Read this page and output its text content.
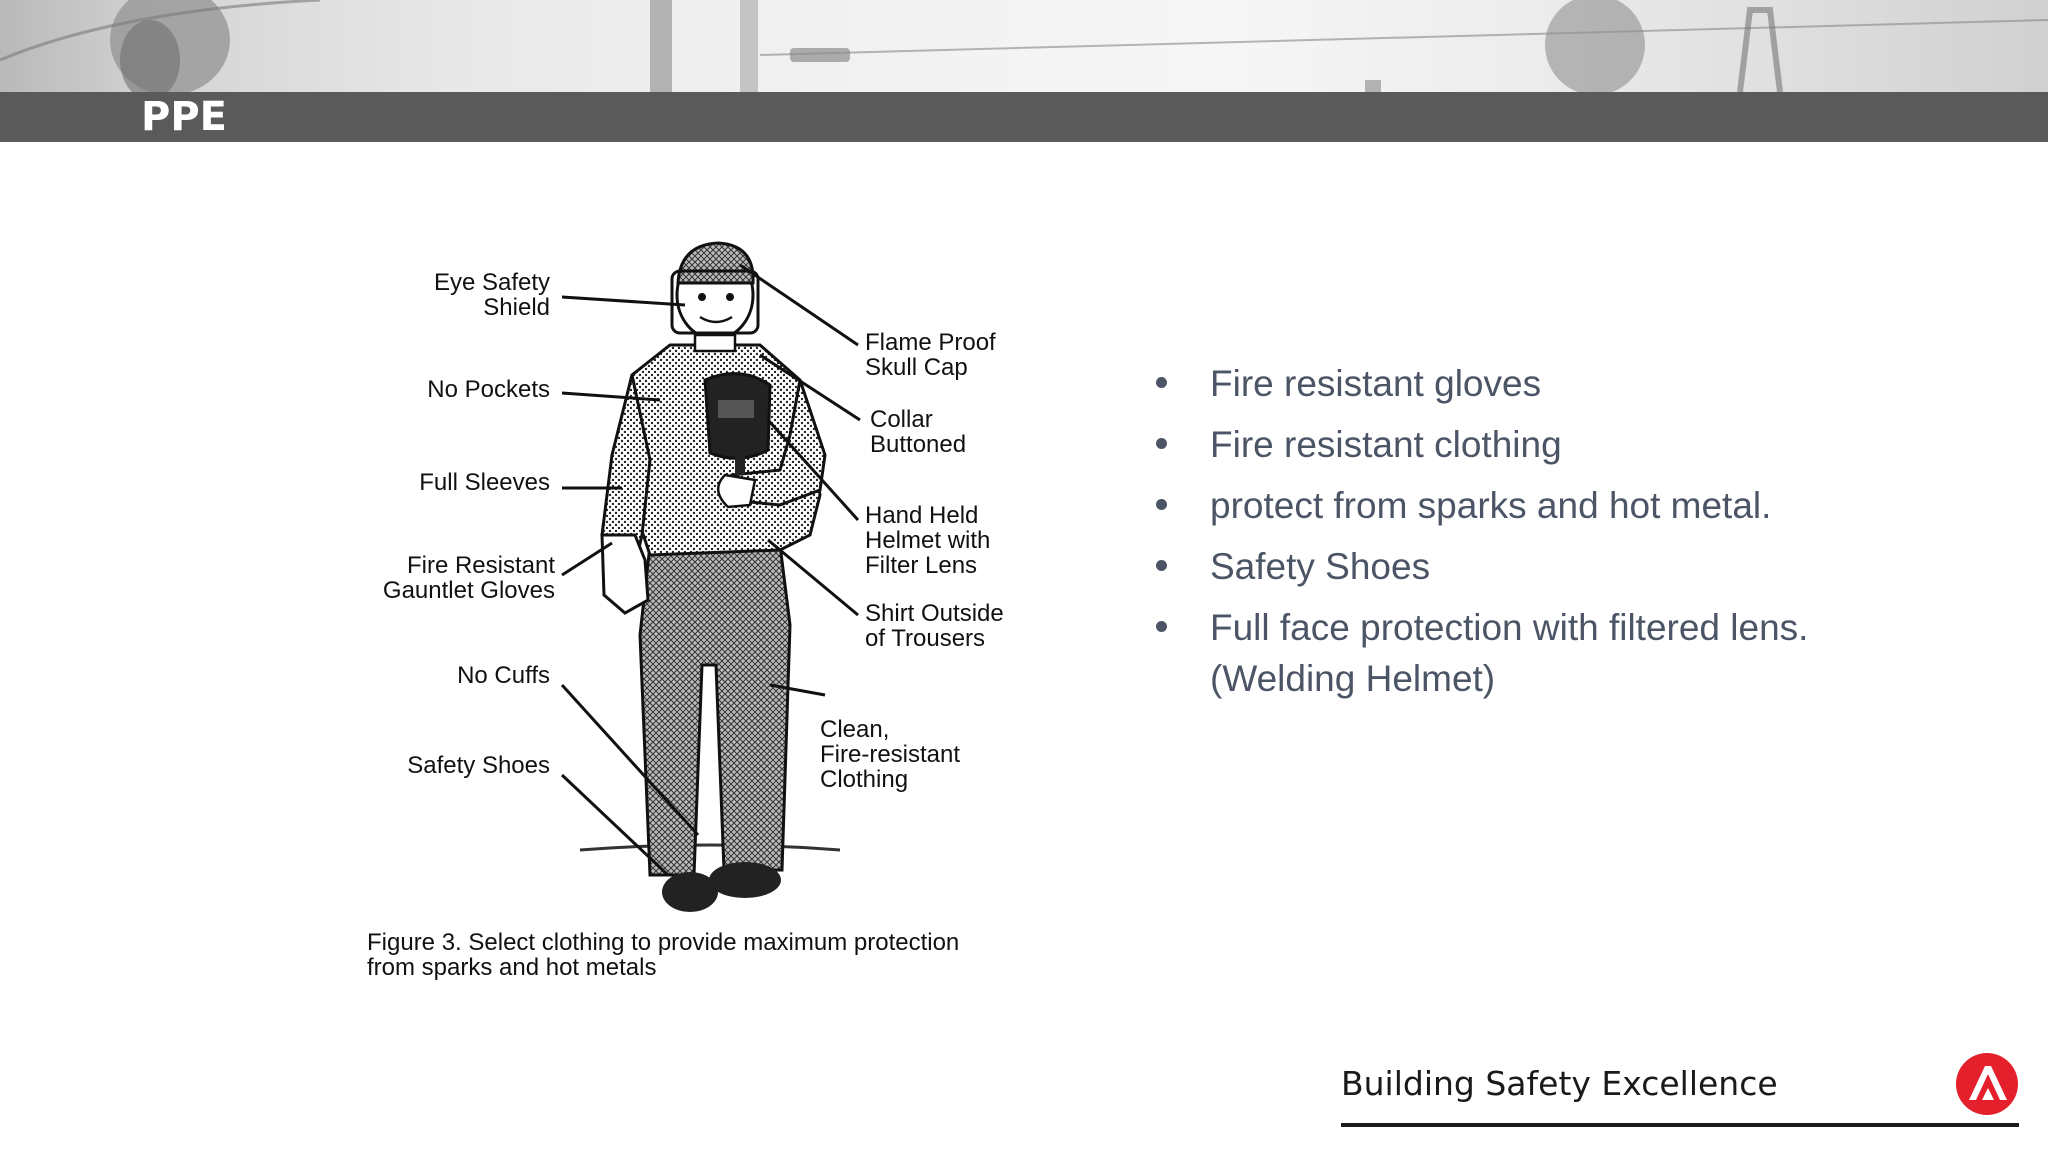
PPE
Eye Safety
Shield
No Pockets
Full Sleeves
Fire Resistant
Gauntlet Gloves
No Cuffs
Safety Shoes
Flame Proof
Skull Cap
Collar
Buttoned
Hand Held
Helmet with
Filter Lens
Shirt Outside
of Trousers
Clean,
Fire-resistant
Clothing
Figure 3. Select clothing to provide maximum protection from sparks and hot metals
Fire resistant gloves
Fire resistant clothing
protect from sparks and hot metal.
Safety Shoes
Full face protection with filtered lens. (Welding Helmet)
Building Safety Excellence
